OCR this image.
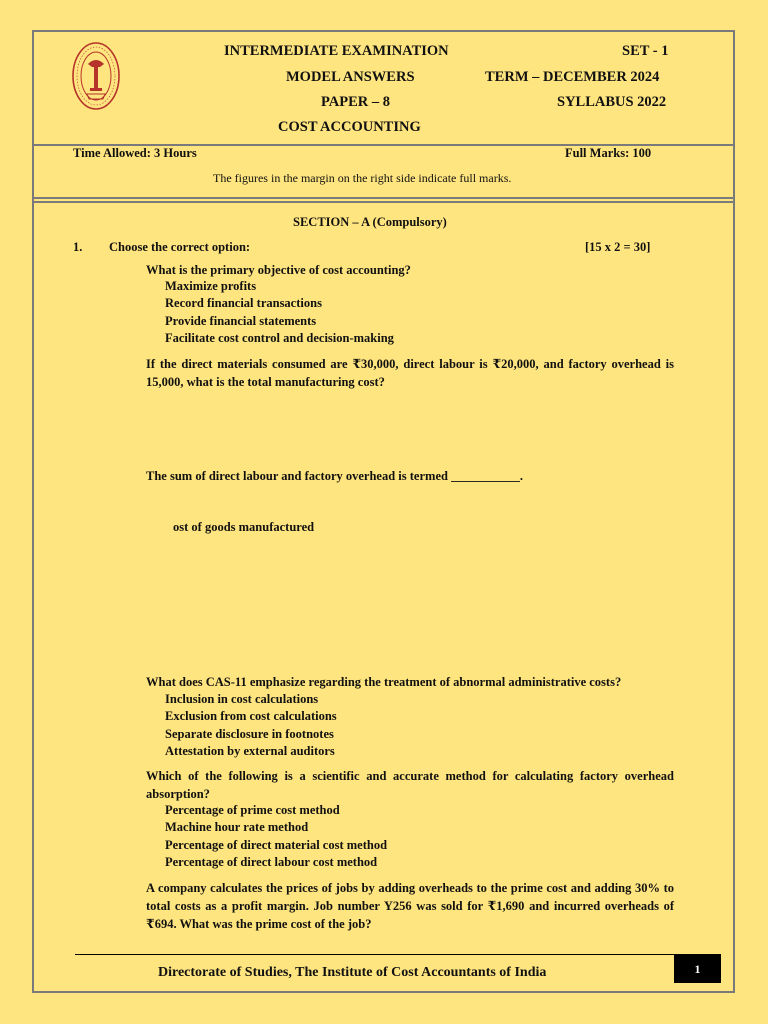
INTERMEDIATE EXAMINATION	SET - 1
MODEL ANSWERS	TERM – DECEMBER 2024
PAPER – 8	SYLLABUS 2022
COST ACCOUNTING
Time Allowed: 3 Hours	Full Marks: 100
The figures in the margin on the right side indicate full marks.
SECTION – A (Compulsory)
1. Choose the correct option:	[15 x 2 = 30]
What is the primary objective of cost accounting?
Maximize profits
Record financial transactions
Provide financial statements
Facilitate cost control and decision-making
If the direct materials consumed are ₹30,000, direct labour is ₹20,000, and factory overhead is 15,000, what is the total manufacturing cost?
The sum of direct labour and factory overhead is termed ___________.
ost of goods manufactured
What does CAS-11 emphasize regarding the treatment of abnormal administrative costs?
Inclusion in cost calculations
Exclusion from cost calculations
Separate disclosure in footnotes
Attestation by external auditors
Which of the following is a scientific and accurate method for calculating factory overhead absorption?
Percentage of prime cost method
Machine hour rate method
Percentage of direct material cost method
Percentage of direct labour cost method
A company calculates the prices of jobs by adding overheads to the prime cost and adding 30% to total costs as a profit margin. Job number Y256 was sold for ₹1,690 and incurred overheads of ₹694. What was the prime cost of the job?
Directorate of Studies, The Institute of Cost Accountants of India	1
